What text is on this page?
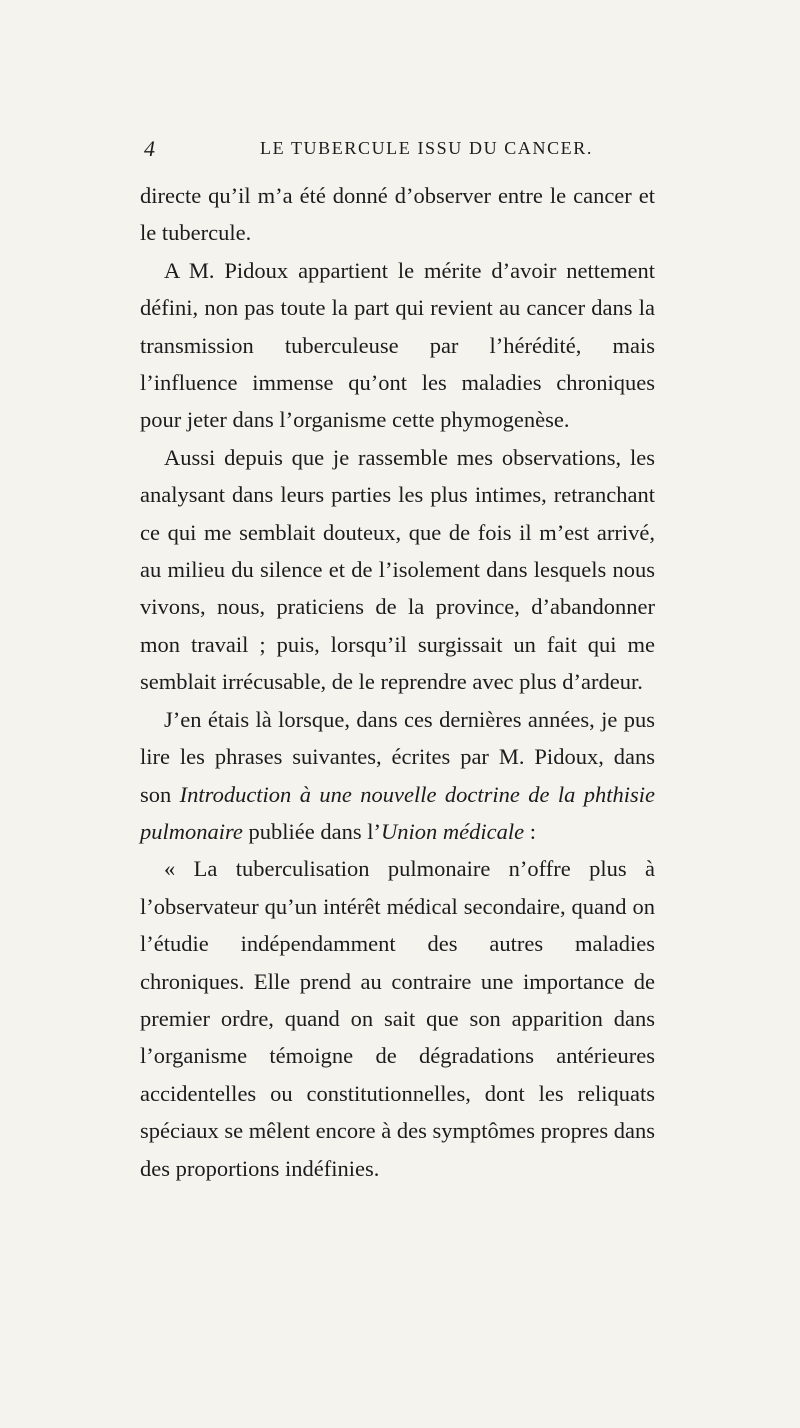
4	LE TUBERCULE ISSU DU CANCER.

directe qu’il m’a été donné d’observer entre le cancer et le tubercule.

A M. Pidoux appartient le mérite d’avoir nettement défini, non pas toute la part qui revient au cancer dans la transmission tuberculeuse par l’hérédité, mais l’influence immense qu’ont les maladies chroniques pour jeter dans l’organisme cette phymogenèse.

Aussi depuis que je rassemble mes observations, les analysant dans leurs parties les plus intimes, retranchant ce qui me semblait douteux, que de fois il m’est arrivé, au milieu du silence et de l’isolement dans lesquels nous vivons, nous, praticiens de la province, d’abandonner mon travail ; puis, lorsqu’il surgissait un fait qui me semblait irrécusable, de le reprendre avec plus d’ardeur.

J’en étais là lorsque, dans ces dernières années, je pus lire les phrases suivantes, écrites par M. Pidoux, dans son Introduction à une nouvelle doctrine de la phthisie pulmonaire publiée dans l’Union médicale :

« La tuberculisation pulmonaire n’offre plus à l’observateur qu’un intérêt médical secondaire, quand on l’étudie indépendamment des autres maladies chroniques. Elle prend au contraire une importance de premier ordre, quand on sait que son apparition dans l’organisme témoigne de dégradations antérieures accidentelles ou constitutionnelles, dont les reliquats spéciaux se mêlent encore à des symptômes propres dans des proportions indéfinies.
